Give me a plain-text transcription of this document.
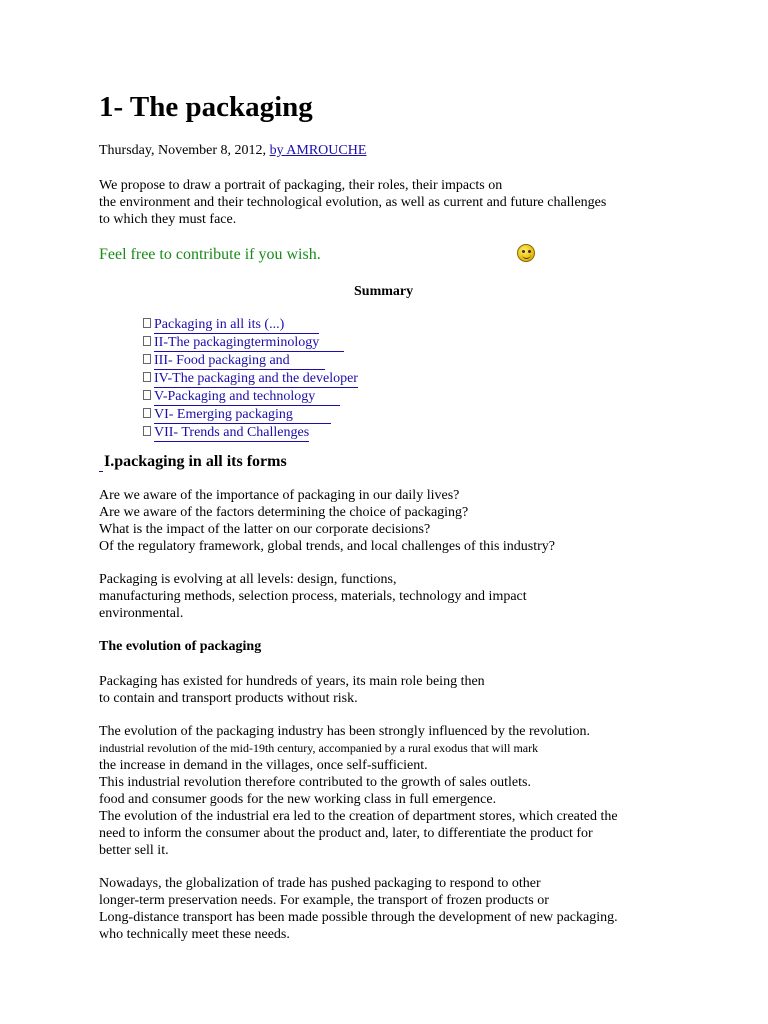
1- The packaging
Thursday, November 8, 2012, by AMROUCHE
We propose to draw a portrait of packaging, their roles, their impacts on
the environment and their technological evolution, as well as current and future challenges
to which they must face.
Feel free to contribute if you wish.
Summary
Packaging in all its (...)
II-The packagingterminology
III- Food packaging and
IV-The packaging and the developer
V-Packaging and technology
VI- Emerging packaging
VII- Trends and Challenges
I.packaging in all its forms
Are we aware of the importance of packaging in our daily lives?
Are we aware of the factors determining the choice of packaging?
What is the impact of the latter on our corporate decisions?
Of the regulatory framework, global trends, and local challenges of this industry?
Packaging is evolving at all levels: design, functions,
manufacturing methods, selection process, materials, technology and impact
environmental.
The evolution of packaging
Packaging has existed for hundreds of years, its main role being then
to contain and transport products without risk.
The evolution of the packaging industry has been strongly influenced by the revolution.
industrial revolution of the mid-19th century, accompanied by a rural exodus that will mark
the increase in demand in the villages, once self-sufficient.
This industrial revolution therefore contributed to the growth of sales outlets.
food and consumer goods for the new working class in full emergence.
The evolution of the industrial era led to the creation of department stores, which created the
need to inform the consumer about the product and, later, to differentiate the product for
better sell it.
Nowadays, the globalization of trade has pushed packaging to respond to other
longer-term preservation needs. For example, the transport of frozen products or
Long-distance transport has been made possible through the development of new packaging.
who technically meet these needs.
